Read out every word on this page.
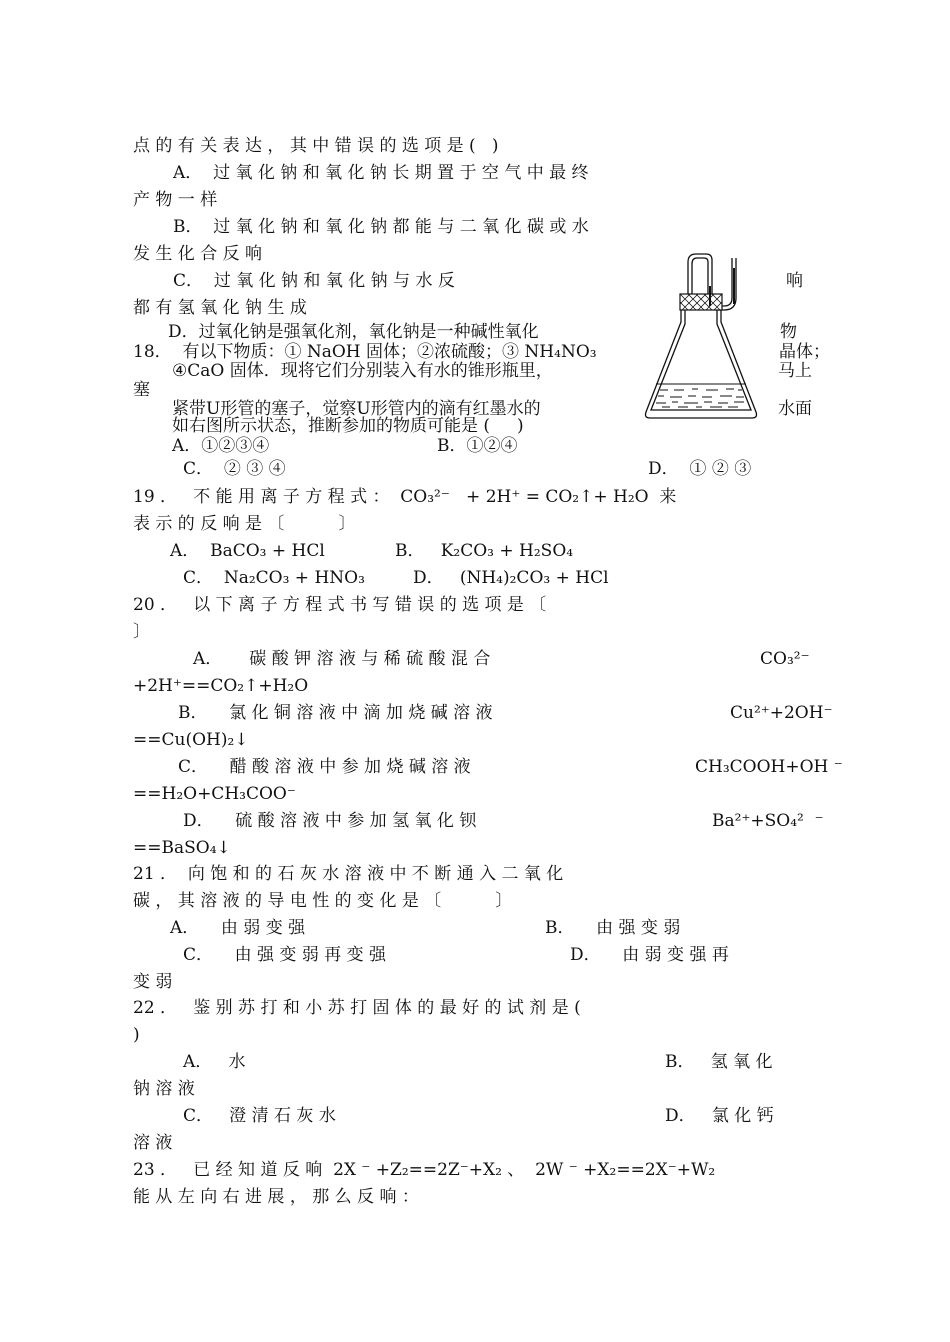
点 的 有 关 表 达 ， 其 中 错 误 的 选 项 是 (   )
A．  过 氧 化 钠 和 氧 化 钠 长 期 置 于 空 气 中 最 终
产 物 一 样
B．  过 氧 化 钠 和 氧 化 钠 都 能 与 二 氧 化 碳 或 水
发 生 化 合 反 响
C．  过 氧 化 钠 和 氧 化 钠 与 水 反	响
都 有 氢 氧 化 钠 生 成
D．过氧化钠是强氧化剂，氧化钠是一种碱性氧化	物
18．  有以下物质：① NaOH 固体；②浓硫酸；③ NH₄NO₃	晶体；
④CaO 固体．现将它们分别装入有水的锥形瓶里，	马上
塞
紧带U形管的塞子，觉察U形管内的滴有红墨水的	水面
如右图所示状态，推断参加的物质可能是 (     )
A．①②③④	B．①②④
C．  ② ③ ④	D．  ① ② ③
19 ．   不 能 用 离 子 方 程 式 ：  CO₃²⁻   + 2H⁺ = CO₂↑+ H₂O  来
表 示 的 反 响 是 〔          〕
A．  BaCO₃ + HCl	B．   K₂CO₃ + H₂SO₄
C．  Na₂CO₃ + HNO₃	D．   (NH₄)₂CO₃ + HCl
20 ．   以 下 离 子 方 程 式 书 写 错 误 的 选 项 是 〔
〕
A．     碳 酸 钾 溶 液 与 稀 硫 酸 混 合	CO₃²⁻
+2H⁺==CO₂↑+H₂O
B．    氯 化 铜 溶 液 中 滴 加 烧 碱 溶 液	Cu²⁺+2OH⁻
==Cu(OH)₂↓
C．    醋 酸 溶 液 中 参 加 烧 碱 溶 液	CH₃COOH+OH ⁻
==H₂O+CH₃COO⁻
D．    硫 酸 溶 液 中 参 加 氢 氧 化 钡	Ba²⁺+SO₄²  ⁻
==BaSO₄↓
21 ．  向 饱 和 的 石 灰 水 溶 液 中 不 断 通 入 二 氧 化
碳 ， 其 溶 液 的 导 电 性 的 变 化 是 〔          〕
A．    由 弱 变 强	B．    由 强 变 弱
C．    由 强 变 弱 再 变 强	D．    由 弱 变 强 再
变 弱
22 ．   鉴 别 苏 打 和 小 苏 打 固 体 的 最 好 的 试 剂 是 (
)
A．   水	B．   氢 氧 化
钠 溶 液
C．   澄 清 石 灰 水	D．   氯 化 钙
溶 液
23 ．   已 经 知 道 反 响  2X ⁻ +Z₂==2Z⁻+X₂ 、  2W ⁻ +X₂==2X⁻+W₂
能 从 左 向 右 进 展 ， 那 么 反 响 ：
